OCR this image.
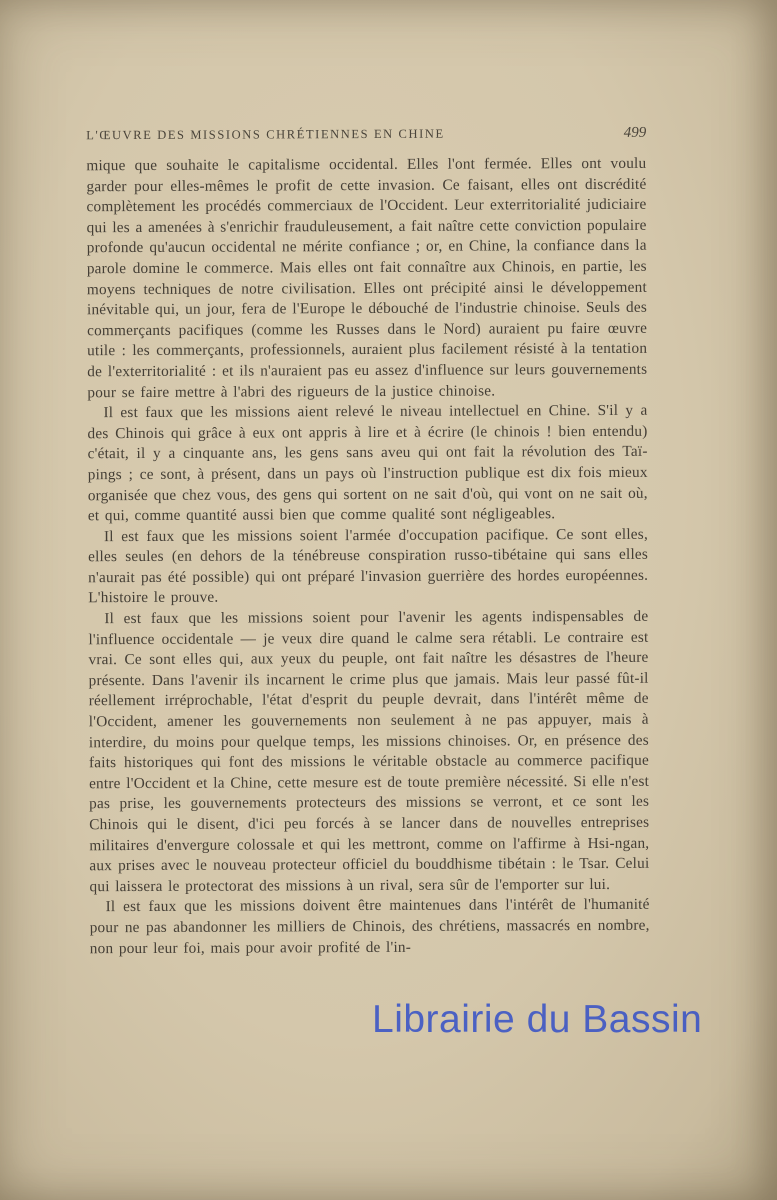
L'ŒUVRE DES MISSIONS CHRÉTIENNES EN CHINE	499

mique que souhaite le capitalisme occidental. Elles l'ont fermée. Elles ont voulu garder pour elles-mêmes le profit de cette invasion. Ce faisant, elles ont discrédité complètement les procédés commerciaux de l'Occident. Leur exterritorialité judiciaire qui les a amenées à s'enrichir frauduleusement, a fait naître cette conviction populaire profonde qu'aucun occidental ne mérite confiance ; or, en Chine, la confiance dans la parole domine le commerce. Mais elles ont fait connaître aux Chinois, en partie, les moyens techniques de notre civilisation. Elles ont précipité ainsi le développement inévitable qui, un jour, fera de l'Europe le débouché de l'industrie chinoise. Seuls des commerçants pacifiques (comme les Russes dans le Nord) auraient pu faire œuvre utile : les commerçants, professionnels, auraient plus facilement résisté à la tentation de l'exterritorialité : et ils n'auraient pas eu assez d'influence sur leurs gouvernements pour se faire mettre à l'abri des rigueurs de la justice chinoise.

Il est faux que les missions aient relevé le niveau intellectuel en Chine. S'il y a des Chinois qui grâce à eux ont appris à lire et à écrire (le chinois ! bien entendu) c'était, il y a cinquante ans, les gens sans aveu qui ont fait la révolution des Taï-pings ; ce sont, à présent, dans un pays où l'instruction publique est dix fois mieux organisée que chez vous, des gens qui sortent on ne sait d'où, qui vont on ne sait où, et qui, comme quantité aussi bien que comme qualité sont négligeables.

Il est faux que les missions soient l'armée d'occupation pacifique. Ce sont elles, elles seules (en dehors de la ténébreuse conspiration russo-tibétaine qui sans elles n'aurait pas été possible) qui ont préparé l'invasion guerrière des hordes européennes. L'histoire le prouve.

Il est faux que les missions soient pour l'avenir les agents indispensables de l'influence occidentale — je veux dire quand le calme sera rétabli. Le contraire est vrai. Ce sont elles qui, aux yeux du peuple, ont fait naître les désastres de l'heure présente. Dans l'avenir ils incarnent le crime plus que jamais. Mais leur passé fût-il réellement irréprochable, l'état d'esprit du peuple devrait, dans l'intérêt même de l'Occident, amener les gouvernements non seulement à ne pas appuyer, mais à interdire, du moins pour quelque temps, les missions chinoises. Or, en présence des faits historiques qui font des missions le véritable obstacle au commerce pacifique entre l'Occident et la Chine, cette mesure est de toute première nécessité. Si elle n'est pas prise, les gouvernements protecteurs des missions se verront, et ce sont les Chinois qui le disent, d'ici peu forcés à se lancer dans de nouvelles entreprises militaires d'envergure colossale et qui les mettront, comme on l'affirme à Hsi-ngan, aux prises avec le nouveau protecteur officiel du bouddhisme tibétain : le Tsar. Celui qui laissera le protectorat des missions à un rival, sera sûr de l'emporter sur lui.

Il est faux que les missions doivent être maintenues dans l'intérêt de l'humanité pour ne pas abandonner les milliers de Chinois, des chrétiens, massacrés en nombre, non pour leur foi, mais pour avoir profité de l'in-

Librairie du Bassin
